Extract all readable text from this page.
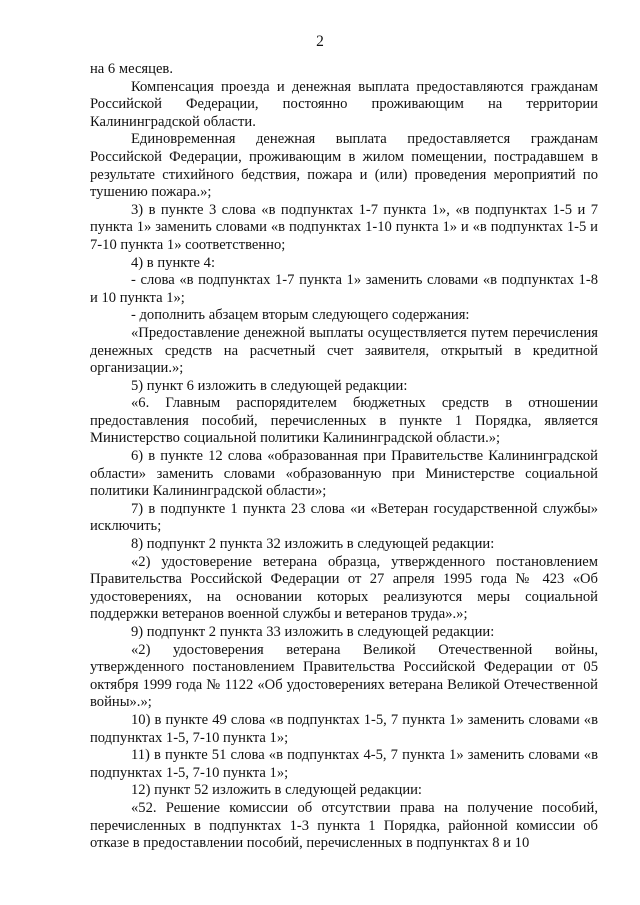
2

на 6 месяцев.

Компенсация проезда и денежная выплата предоставляются гражданам Российской Федерации, постоянно проживающим на территории Калининградской области.

Единовременная денежная выплата предоставляется гражданам Российской Федерации, проживающим в жилом помещении, пострадавшем в результате стихийного бедствия, пожара и (или) проведения мероприятий по тушению пожара.»;

3) в пункте 3 слова «в подпунктах 1-7 пункта 1», «в подпунктах 1-5 и 7 пункта 1» заменить словами «в подпунктах 1-10 пункта 1» и «в подпунктах 1-5 и 7-10 пункта 1» соответственно;

4) в пункте 4:

- слова «в подпунктах 1-7 пункта 1» заменить словами «в подпунктах 1-8 и 10 пункта 1»;

- дополнить абзацем вторым следующего содержания:

«Предоставление денежной выплаты осуществляется путем перечисления денежных средств на расчетный счет заявителя, открытый в кредитной организации.»;

5) пункт 6 изложить в следующей редакции:

«6. Главным распорядителем бюджетных средств в отношении предоставления пособий, перечисленных в пункте 1 Порядка, является Министерство социальной политики Калининградской области.»;

6) в пункте 12 слова «образованная при Правительстве Калининградской области» заменить словами «образованную при Министерстве социальной политики Калининградской области»;

7) в подпункте 1 пункта 23 слова «и «Ветеран государственной службы» исключить;

8) подпункт 2 пункта 32 изложить в следующей редакции:

«2) удостоверение ветерана образца, утвержденного постановлением Правительства Российской Федерации от 27 апреля 1995 года № 423 «Об удостоверениях, на основании которых реализуются меры социальной поддержки ветеранов военной службы и ветеранов труда».»;

9) подпункт 2 пункта 33 изложить в следующей редакции:

«2) удостоверения ветерана Великой Отечественной войны, утвержденного постановлением Правительства Российской Федерации от 05 октября 1999 года № 1122 «Об удостоверениях ветерана Великой Отечественной войны».»;

10) в пункте 49 слова «в подпунктах 1-5, 7 пункта 1» заменить словами «в подпунктах 1-5, 7-10 пункта 1»;

11) в пункте 51 слова «в подпунктах 4-5, 7 пункта 1» заменить словами «в подпунктах 1-5, 7-10 пункта 1»;

12) пункт 52 изложить в следующей редакции:

«52. Решение комиссии об отсутствии права на получение пособий, перечисленных в подпунктах 1-3 пункта 1 Порядка, районной комиссии об отказе в предоставлении пособий, перечисленных в подпунктах 8 и 10
